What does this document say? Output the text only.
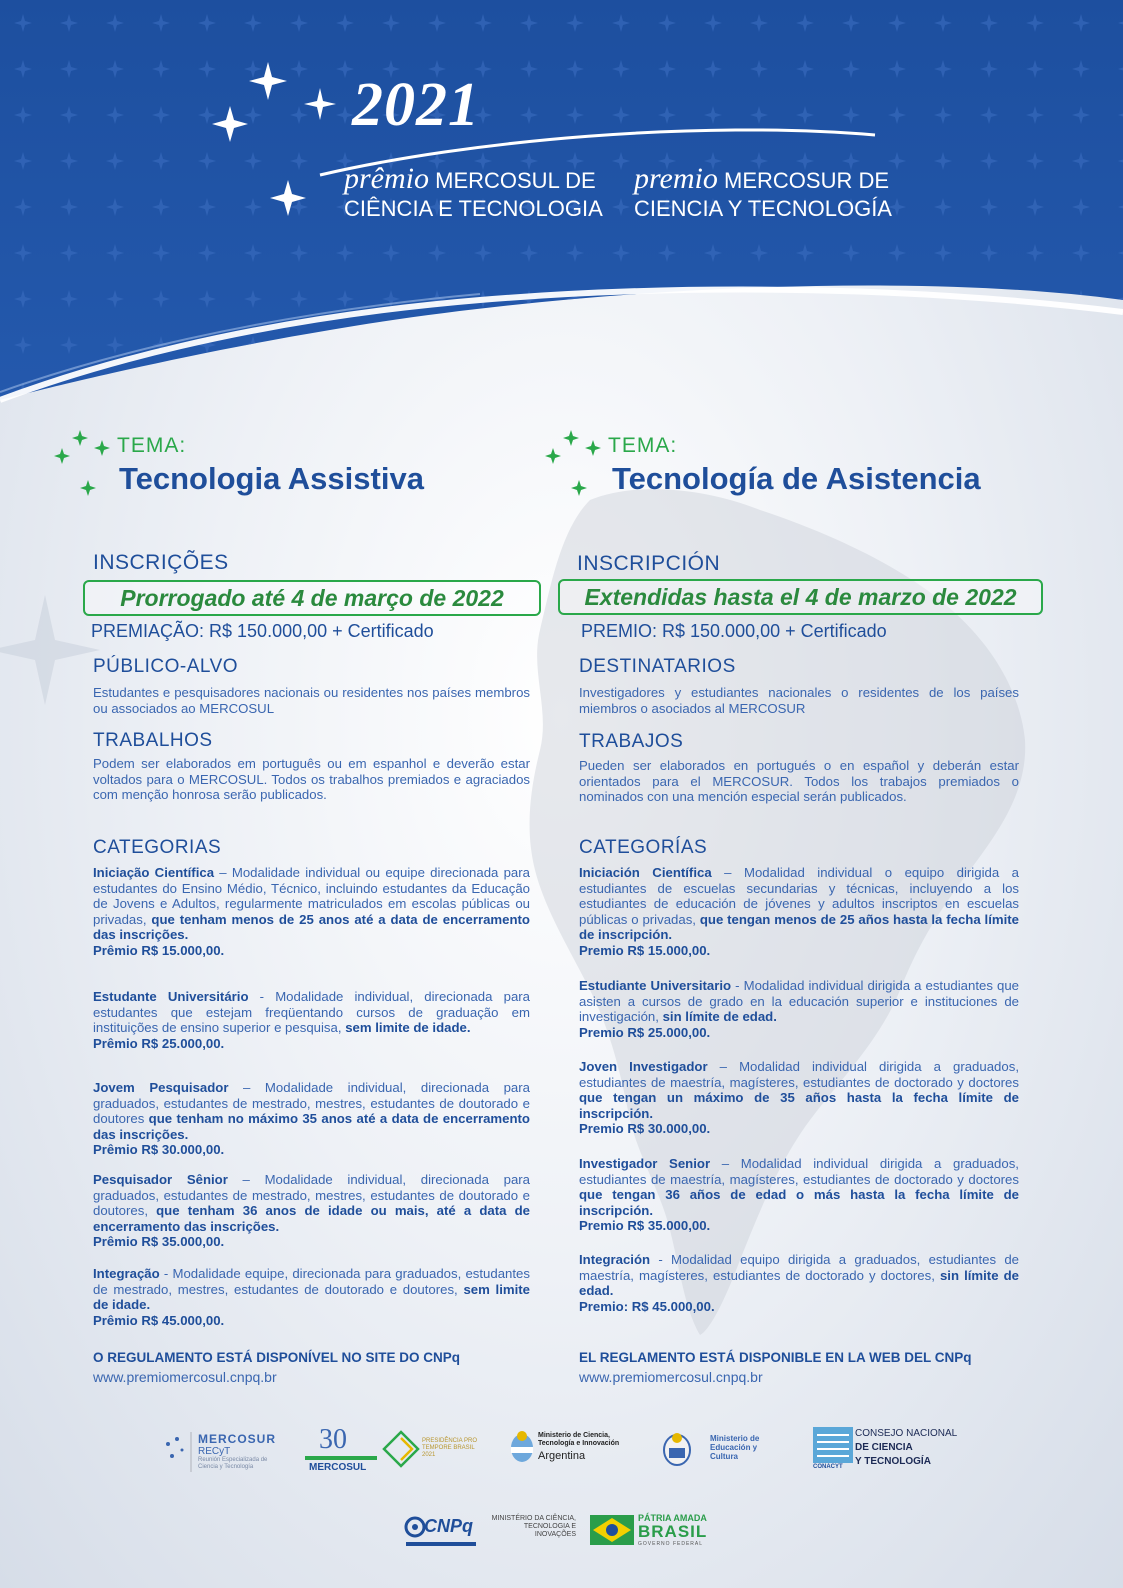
2021
prêmio MERCOSUL DE
CIÊNCIA E TECNOLOGIA
premio MERCOSUR DE
CIENCIA Y TECNOLOGÍA
TEMA:
Tecnologia Assistiva
INSCRIÇÕES
Prorrogado até 4 de março de 2022
PREMIAÇÃO: R$ 150.000,00 + Certificado
PÚBLICO-ALVO
Estudantes e pesquisadores nacionais ou residentes nos países membros ou associados ao MERCOSUL
TRABALHOS
Podem ser elaborados em português ou em espanhol e deverão estar voltados para o MERCOSUL. Todos os trabalhos premiados e agraciados com menção honrosa serão publicados.
CATEGORIAS
Iniciação Científica – Modalidade individual ou equipe direcionada para estudantes do Ensino Médio, Técnico, incluindo estudantes da Educação de Jovens e Adultos, regularmente matriculados em escolas públicas ou privadas, que tenham menos de 25 anos até a data de encerramento das inscrições.
Prêmio R$ 15.000,00.
Estudante Universitário - Modalidade individual, direcionada para estudantes que estejam freqüentando cursos de graduação em instituições de ensino superior e pesquisa, sem limite de idade.
Prêmio R$ 25.000,00.
Jovem Pesquisador – Modalidade individual, direcionada para graduados, estudantes de mestrado, mestres, estudantes de doutorado e doutores que tenham no máximo 35 anos até a data de encerramento das inscrições.
Prêmio R$ 30.000,00.
Pesquisador Sênior – Modalidade individual, direcionada para graduados, estudantes de mestrado, mestres, estudantes de doutorado e doutores, que tenham 36 anos de idade ou mais, até a data de encerramento das inscrições.
Prêmio R$ 35.000,00.
Integração - Modalidade equipe, direcionada para graduados, estudantes de mestrado, mestres, estudantes de doutorado e doutores, sem limite de idade.
Prêmio R$ 45.000,00.
O REGULAMENTO ESTÁ DISPONÍVEL NO SITE DO CNPq
www.premiomercosul.cnpq.br
TEMA:
Tecnología de Asistencia
INSCRIPCIÓN
Extendidas hasta el 4 de marzo de 2022
PREMIO: R$ 150.000,00 + Certificado
DESTINATARIOS
Investigadores y estudiantes nacionales o residentes de los países miembros o asociados al MERCOSUR
TRABAJOS
Pueden ser elaborados en portugués o en español y deberán estar orientados para el MERCOSUR. Todos los trabajos premiados o nominados con una mención especial serán publicados.
CATEGORÍAS
Iniciación Científica – Modalidad individual o equipo dirigida a estudiantes de escuelas secundarias y técnicas, incluyendo a los estudiantes de educación de jóvenes y adultos inscriptos en escuelas públicas o privadas, que tengan menos de 25 años hasta la fecha límite de inscripción.
Premio R$ 15.000,00.
Estudiante Universitario - Modalidad individual dirigida a estudiantes que asisten a cursos de grado en la educación superior e instituciones de investigación, sin límite de edad.
Premio R$ 25.000,00.
Joven Investigador – Modalidad individual dirigida a graduados, estudiantes de maestría, magísteres, estudiantes de doctorado y doctores que tengan un máximo de 35 años hasta la fecha límite de inscripción.
Premio R$ 30.000,00.
Investigador Senior – Modalidad individual dirigida a graduados, estudiantes de maestría, magísteres, estudiantes de doctorado y doctores que tengan 36 años de edad o más hasta la fecha límite de inscripción.
Premio R$ 35.000,00.
Integración - Modalidad equipo dirigida a graduados, estudiantes de maestría, magísteres, estudiantes de doctorado y doctores, sin límite de edad.
Premio: R$ 45.000,00.
EL REGLAMENTO ESTÁ DISPONIBLE EN LA WEB DEL CNPq
www.premiomercosul.cnpq.br
MERCOSUR
RECyT
Reunión Especializada de Ciencia y Tecnología
30
MERCOSUL
PRESIDÊNCIA PRO TEMPORE BRASIL 2021
Ministerio de Ciencia, Tecnología e Innovación
Argentina
Ministerio de Educación y Cultura
CONACYT
CONSEJO NACIONAL
DE CIENCIA
Y TECNOLOGÍA
CNPq	MINISTÉRIO DA CIÊNCIA, TECNOLOGIA E INOVAÇÕES
PÁTRIA AMADA
BRASIL
GOVERNO FEDERAL
